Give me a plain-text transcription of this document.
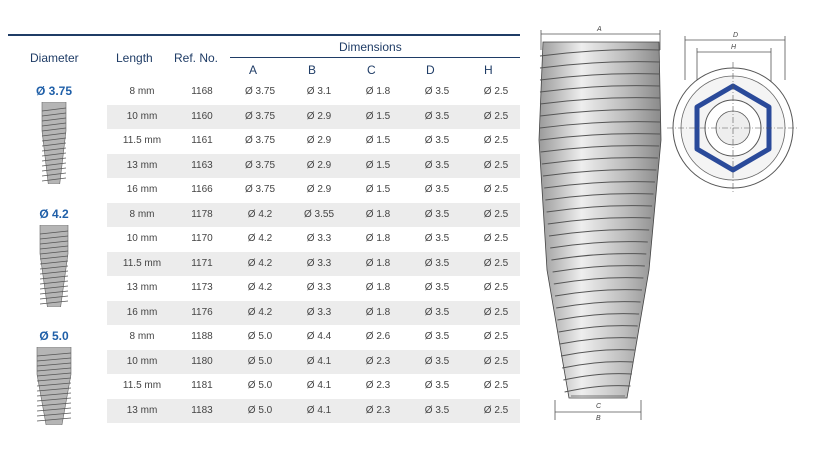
Diameter	Length Ref. No.
Dimensions
A	B	C	D	H
Ø 3.75	8 mm	1168	Ø 3.75	Ø 3.1	Ø 1.8	Ø 3.5	Ø 2.5
10 mm	1160	Ø 3.75	Ø 2.9	Ø 1.5	Ø 3.5	Ø 2.5
11.5 mm	1161	Ø 3.75	Ø 2.9	Ø 1.5	Ø 3.5	Ø 2.5
13 mm	1163	Ø 3.75	Ø 2.9	Ø 1.5	Ø 3.5	Ø 2.5
16 mm	1166	Ø 3.75	Ø 2.9	Ø 1.5	Ø 3.5	Ø 2.5
Ø 4.2	8 mm	1178	Ø 4.2	Ø 3.55	Ø 1.8	Ø 3.5	Ø 2.5
10 mm	1170	Ø 4.2	Ø 3.3	Ø 1.8	Ø 3.5	Ø 2.5
11.5 mm	1171	Ø 4.2	Ø 3.3	Ø 1.8	Ø 3.5	Ø 2.5
13 mm	1173	Ø 4.2	Ø 3.3	Ø 1.8	Ø 3.5	Ø 2.5
16 mm	1176	Ø 4.2	Ø 3.3	Ø 1.8	Ø 3.5	Ø 2.5
Ø 5.0	8 mm	1188	Ø 5.0	Ø 4.4	Ø 2.6	Ø 3.5	Ø 2.5
10 mm	1180	Ø 5.0	Ø 4.1	Ø 2.3	Ø 3.5	Ø 2.5
11.5 mm	1181	Ø 5.0	Ø 4.1	Ø 2.3	Ø 3.5	Ø 2.5
13 mm	1183	Ø 5.0	Ø 4.1	Ø 2.3	Ø 3.5	Ø 2.5
A
C
B
D
H
